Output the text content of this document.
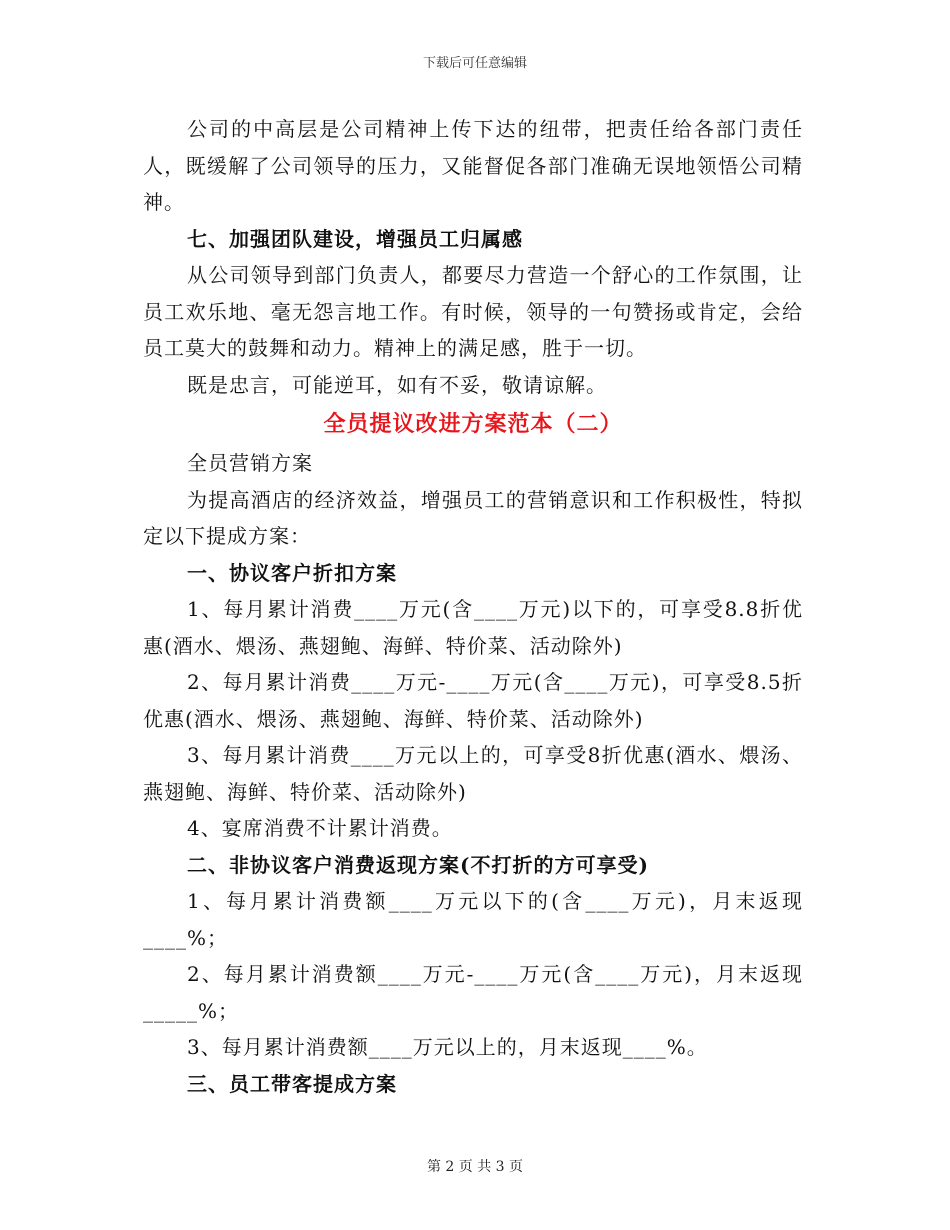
下载后可任意编辑

公司的中高层是公司精神上传下达的纽带，把责任给各部门责任人，既缓解了公司领导的压力，又能督促各部门准确无误地领悟公司精神。

七、加强团队建设，增强员工归属感

从公司领导到部门负责人，都要尽力营造一个舒心的工作氛围，让员工欢乐地、毫无怨言地工作。有时候，领导的一句赞扬或肯定，会给员工莫大的鼓舞和动力。精神上的满足感，胜于一切。

既是忠言，可能逆耳，如有不妥，敬请谅解。

全员提议改进方案范本（二）

全员营销方案

为提高酒店的经济效益，增强员工的营销意识和工作积极性，特拟定以下提成方案：

一、协议客户折扣方案

1、每月累计消费____万元(含____万元)以下的，可享受8.8折优惠(酒水、煨汤、燕翅鲍、海鲜、特价菜、活动除外)

2、每月累计消费____万元-____万元(含____万元)，可享受8.5折优惠(酒水、煨汤、燕翅鲍、海鲜、特价菜、活动除外)

3、每月累计消费____万元以上的，可享受8折优惠(酒水、煨汤、燕翅鲍、海鲜、特价菜、活动除外)

4、宴席消费不计累计消费。

二、非协议客户消费返现方案(不打折的方可享受)

1、每月累计消费额____万元以下的(含____万元)，月末返现____%；

2、每月累计消费额____万元-____万元(含____万元)，月末返现_____%；

3、每月累计消费额____万元以上的，月末返现____%。

三、员工带客提成方案

第 2 页 共 3 页
